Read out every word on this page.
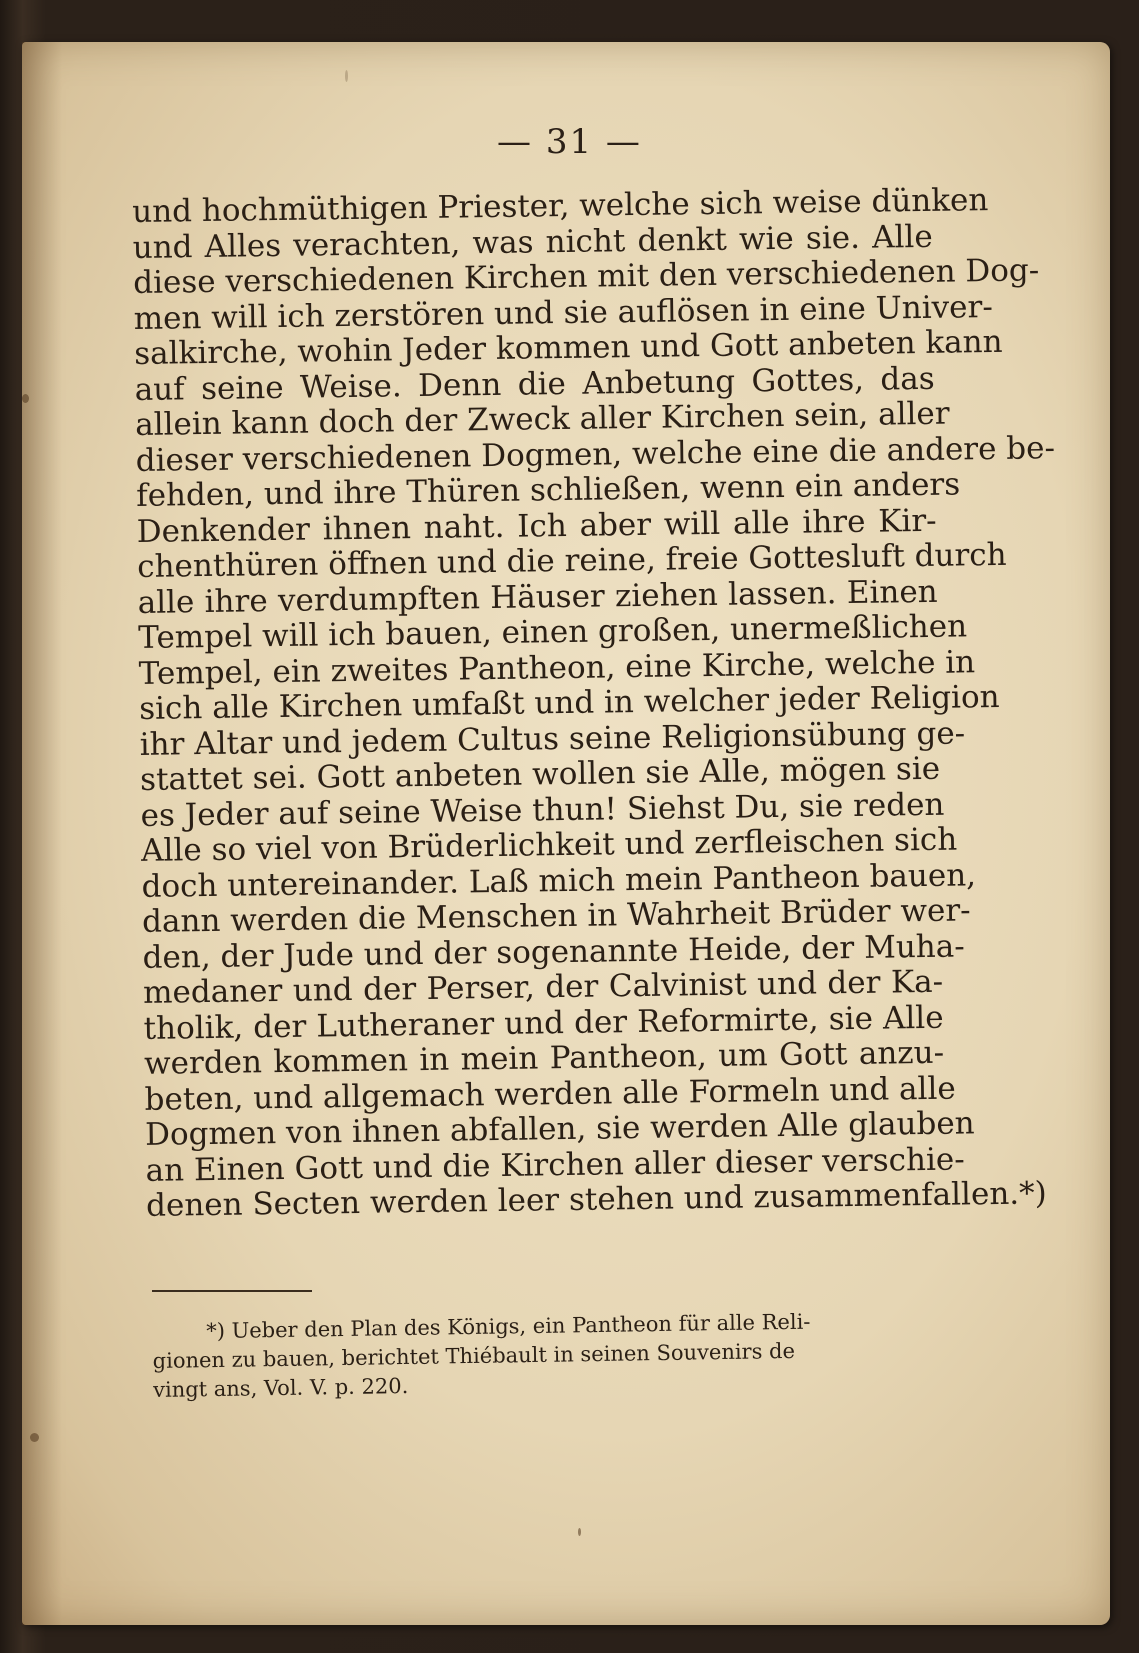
— 31 —
und hochmüthigen Priester, welche sich weise dünken
und Alles verachten, was nicht denkt wie sie. Alle
diese verschiedenen Kirchen mit den verschiedenen Dog-
men will ich zerstören und sie auflösen in eine Univer-
salkirche, wohin Jeder kommen und Gott anbeten kann
auf seine Weise. Denn die Anbetung Gottes, das
allein kann doch der Zweck aller Kirchen sein, aller
dieser verschiedenen Dogmen, welche eine die andere be-
fehden, und ihre Thüren schließen, wenn ein anders
Denkender ihnen naht. Ich aber will alle ihre Kir-
chenthüren öffnen und die reine, freie Gottesluft durch
alle ihre verdumpften Häuser ziehen lassen. Einen
Tempel will ich bauen, einen großen, unermeßlichen
Tempel, ein zweites Pantheon, eine Kirche, welche in
sich alle Kirchen umfaßt und in welcher jeder Religion
ihr Altar und jedem Cultus seine Religionsübung ge-
stattet sei. Gott anbeten wollen sie Alle, mögen sie
es Jeder auf seine Weise thun! Siehst Du, sie reden
Alle so viel von Brüderlichkeit und zerfleischen sich
doch untereinander. Laß mich mein Pantheon bauen,
dann werden die Menschen in Wahrheit Brüder wer-
den, der Jude und der sogenannte Heide, der Muha-
medaner und der Perser, der Calvinist und der Ka-
tholik, der Lutheraner und der Reformirte, sie Alle
werden kommen in mein Pantheon, um Gott anzu-
beten, und allgemach werden alle Formeln und alle
Dogmen von ihnen abfallen, sie werden Alle glauben
an Einen Gott und die Kirchen aller dieser verschie-
denen Secten werden leer stehen und zusammenfallen.*)
*) Ueber den Plan des Königs, ein Pantheon für alle Reli-
gionen zu bauen, berichtet Thiébault in seinen Souvenirs de
vingt ans, Vol. V. p. 220.
